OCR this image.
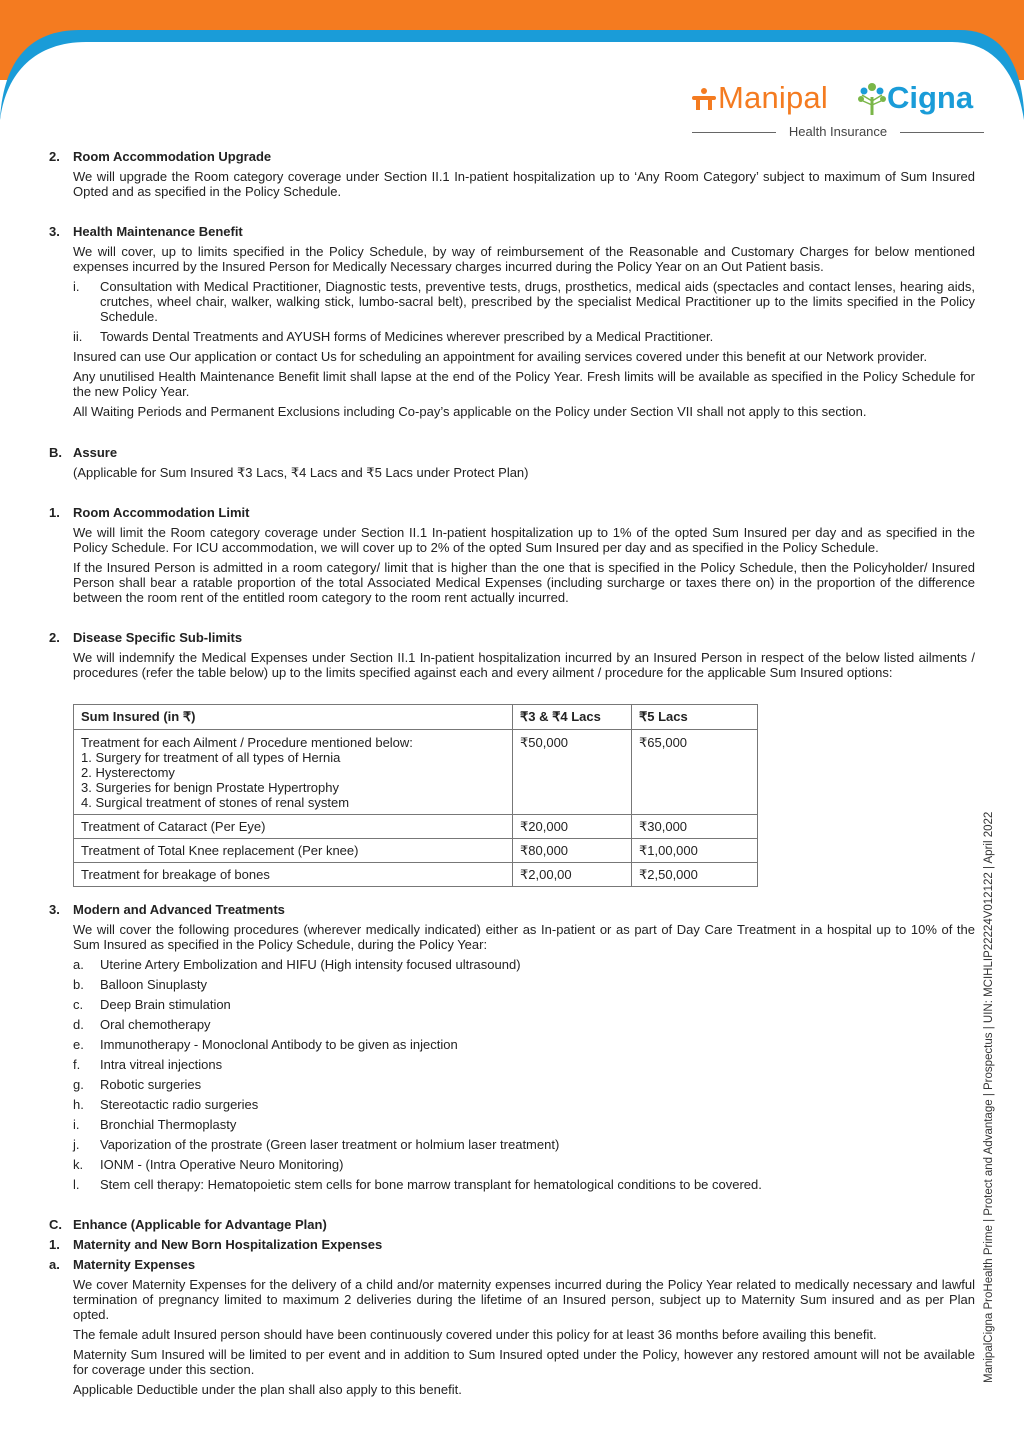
Manipal Cigna
Health Insurance
ManipalCigna ProHealth Prime | Protect and Advantage | Prospectus | UIN: MCIHLIP22224V012122 | April 2022
2. Room Accommodation Upgrade
We will upgrade the Room category coverage under Section II.1 In-patient hospitalization up to ‘Any Room Category’ subject to maximum of Sum Insured Opted and as specified in the Policy Schedule.
3. Health Maintenance Benefit
We will cover, up to limits specified in the Policy Schedule, by way of reimbursement of the Reasonable and Customary Charges for below mentioned expenses incurred by the Insured Person for Medically Necessary charges incurred during the Policy Year on an Out Patient basis.
i. Consultation with Medical Practitioner, Diagnostic tests, preventive tests, drugs, prosthetics, medical aids (spectacles and contact lenses, hearing aids, crutches, wheel chair, walker, walking stick, lumbo-sacral belt), prescribed by the specialist Medical Practitioner up to the limits specified in the Policy Schedule.
ii. Towards Dental Treatments and AYUSH forms of Medicines wherever prescribed by a Medical Practitioner.
Insured can use Our application or contact Us for scheduling an appointment for availing services covered under this benefit at our Network provider.
Any unutilised Health Maintenance Benefit limit shall lapse at the end of the Policy Year. Fresh limits will be available as specified in the Policy Schedule for the new Policy Year.
All Waiting Periods and Permanent Exclusions including Co-pay’s applicable on the Policy under Section VII shall not apply to this section.
B. Assure
(Applicable for Sum Insured ₹3 Lacs, ₹4 Lacs and ₹5 Lacs under Protect Plan)
1. Room Accommodation Limit
We will limit the Room category coverage under Section II.1 In-patient hospitalization up to 1% of the opted Sum Insured per day and as specified in the Policy Schedule. For ICU accommodation, we will cover up to 2% of the opted Sum Insured per day and as specified in the Policy Schedule.
If the Insured Person is admitted in a room category/ limit that is higher than the one that is specified in the Policy Schedule, then the Policyholder/ Insured Person shall bear a ratable proportion of the total Associated Medical Expenses (including surcharge or taxes there on) in the proportion of the difference between the room rent of the entitled room category to the room rent actually incurred.
2. Disease Specific Sub-limits
We will indemnify the Medical Expenses under Section II.1 In-patient hospitalization incurred by an Insured Person in respect of the below listed ailments / procedures (refer the table below) up to the limits specified against each and every ailment / procedure for the applicable Sum Insured options:
Sum Insured (in ₹)	₹3 & ₹4 Lacs	₹5 Lacs

Treatment for each Ailment / Procedure mentioned below:
1. Surgery for treatment of all types of Hernia
2. Hysterectomy
3. Surgeries for benign Prostate Hypertrophy
4. Surgical treatment of stones of renal system	₹50,000	₹65,000
Treatment of Cataract (Per Eye)	₹20,000	₹30,000
Treatment of Total Knee replacement (Per knee)	₹80,000	₹1,00,000
Treatment for breakage of bones	₹2,00,00	₹2,50,000
3. Modern and Advanced Treatments
We will cover the following procedures (wherever medically indicated) either as In-patient or as part of Day Care Treatment in a hospital up to 10% of the Sum Insured as specified in the Policy Schedule, during the Policy Year:
a. Uterine Artery Embolization and HIFU (High intensity focused ultrasound)
b. Balloon Sinuplasty
c. Deep Brain stimulation
d. Oral chemotherapy
e. Immunotherapy - Monoclonal Antibody to be given as injection
f. Intra vitreal injections
g. Robotic surgeries
h. Stereotactic radio surgeries
i. Bronchial Thermoplasty
j. Vaporization of the prostrate (Green laser treatment or holmium laser treatment)
k. IONM - (Intra Operative Neuro Monitoring)
l. Stem cell therapy: Hematopoietic stem cells for bone marrow transplant for hematological conditions to be covered.
C. Enhance (Applicable for Advantage Plan)
1. Maternity and New Born Hospitalization Expenses
a. Maternity Expenses
We cover Maternity Expenses for the delivery of a child and/or maternity expenses incurred during the Policy Year related to medically necessary and lawful termination of pregnancy limited to maximum 2 deliveries during the lifetime of an Insured person, subject up to Maternity Sum insured and as per Plan opted.
The female adult Insured person should have been continuously covered under this policy for at least 36 months before availing this benefit.
Maternity Sum Insured will be limited to per event and in addition to Sum Insured opted under the Policy, however any restored amount will not be available for coverage under this section.
Applicable Deductible under the plan shall also apply to this benefit.
